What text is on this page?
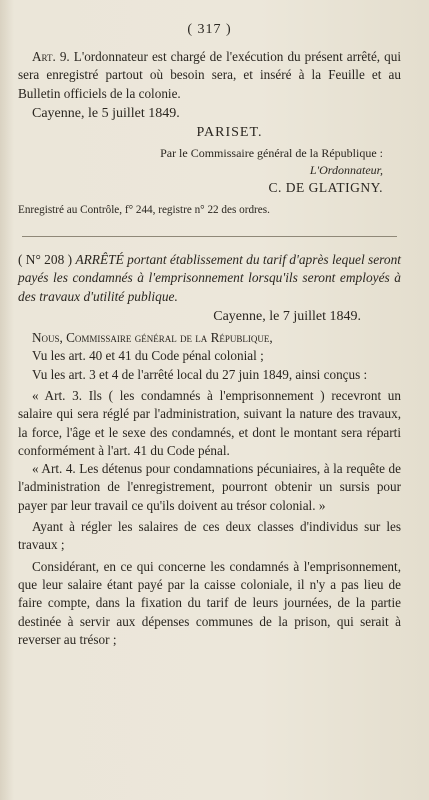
( 317 )

Art. 9. L'ordonnateur est chargé de l'exécution du présent arrêté, qui sera enregistré partout où besoin sera, et inséré à la Feuille et au Bulletin officiels de la colonie.

Cayenne, le 5 juillet 1849.

PARISET.
Par le Commissaire général de la République :
L'Ordonnateur,
C. DE GLATIGNY.

Enregistré au Contrôle, f° 244, registre n° 22 des ordres.

( N° 208 ) ARRÊTÉ portant établissement du tarif d'après lequel seront payés les condamnés à l'emprisonnement lorsqu'ils seront employés à des travaux d'utilité publique.

Cayenne, le 7 juillet 1849.

Nous, Commissaire général de la République,

Vu les art. 40 et 41 du Code pénal colonial ;

Vu les art. 3 et 4 de l'arrêté local du 27 juin 1849, ainsi conçus :

« Art. 3. Ils ( les condamnés à l'emprisonnement ) recevront un salaire qui sera réglé par l'administration, suivant la nature des travaux, la force, l'âge et le sexe des condamnés, et dont le montant sera réparti conformément à l'art. 41 du Code pénal.

« Art. 4. Les détenus pour condamnations pécuniaires, à la requête de l'administration de l'enregistrement, pourront obtenir un sursis pour payer par leur travail ce qu'ils doivent au trésor colonial. »

Ayant à régler les salaires de ces deux classes d'individus sur les travaux ;

Considérant, en ce qui concerne les condamnés à l'emprisonnement, que leur salaire étant payé par la caisse coloniale, il n'y a pas lieu de faire compte, dans la fixation du tarif de leurs journées, de la partie destinée à servir aux dépenses communes de la prison, qui serait à reverser au trésor ;
